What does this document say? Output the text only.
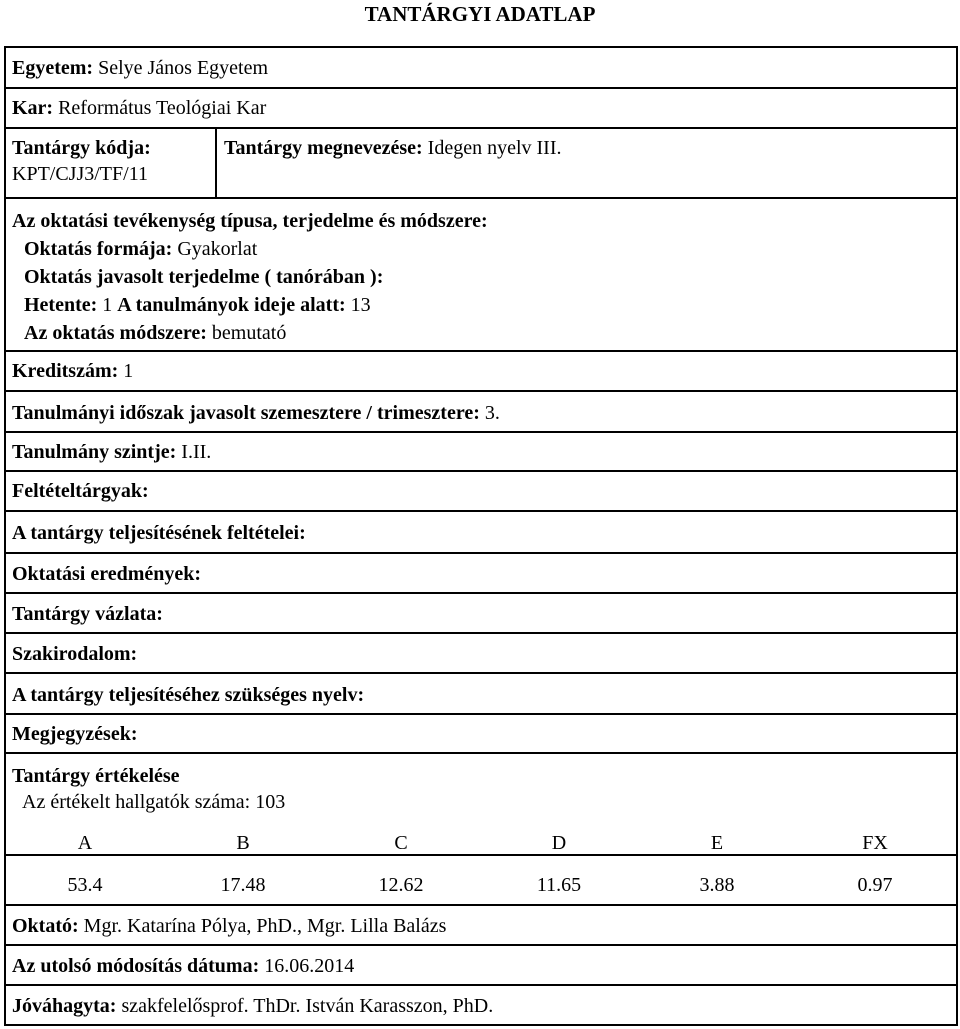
TANTÁRGYI ADATLAP
Egyetem: Selye János Egyetem
Kar: Református Teológiai Kar
Tantárgy kódja:
KPT/CJJ3/TF/11
Tantárgy megnevezése: Idegen nyelv III.
Az oktatási tevékenység típusa, terjedelme és módszere:
Oktatás formája: Gyakorlat
Oktatás javasolt terjedelme ( tanórában ):
Hetente: 1 A tanulmányok ideje alatt: 13
Az oktatás módszere: bemutató
Kreditszám: 1
Tanulmányi időszak javasolt szemesztere / trimesztere: 3.
Tanulmány szintje: I.II.
Feltételtárgyak:
A tantárgy teljesítésének feltételei:
Oktatási eredmények:
Tantárgy vázlata:
Szakirodalom:
A tantárgy teljesítéséhez szükséges nyelv:
Megjegyzések:
Tantárgy értékelése
Az értékelt hallgatók száma: 103
A	B	C	D	E	FX
53.4	17.48	12.62	11.65	3.88	0.97
Oktató: Mgr. Katarína Pólya, PhD., Mgr. Lilla Balázs
Az utolsó módosítás dátuma: 16.06.2014
Jóváhagyta: szakfelelősprof. ThDr. István Karasszon, PhD.
